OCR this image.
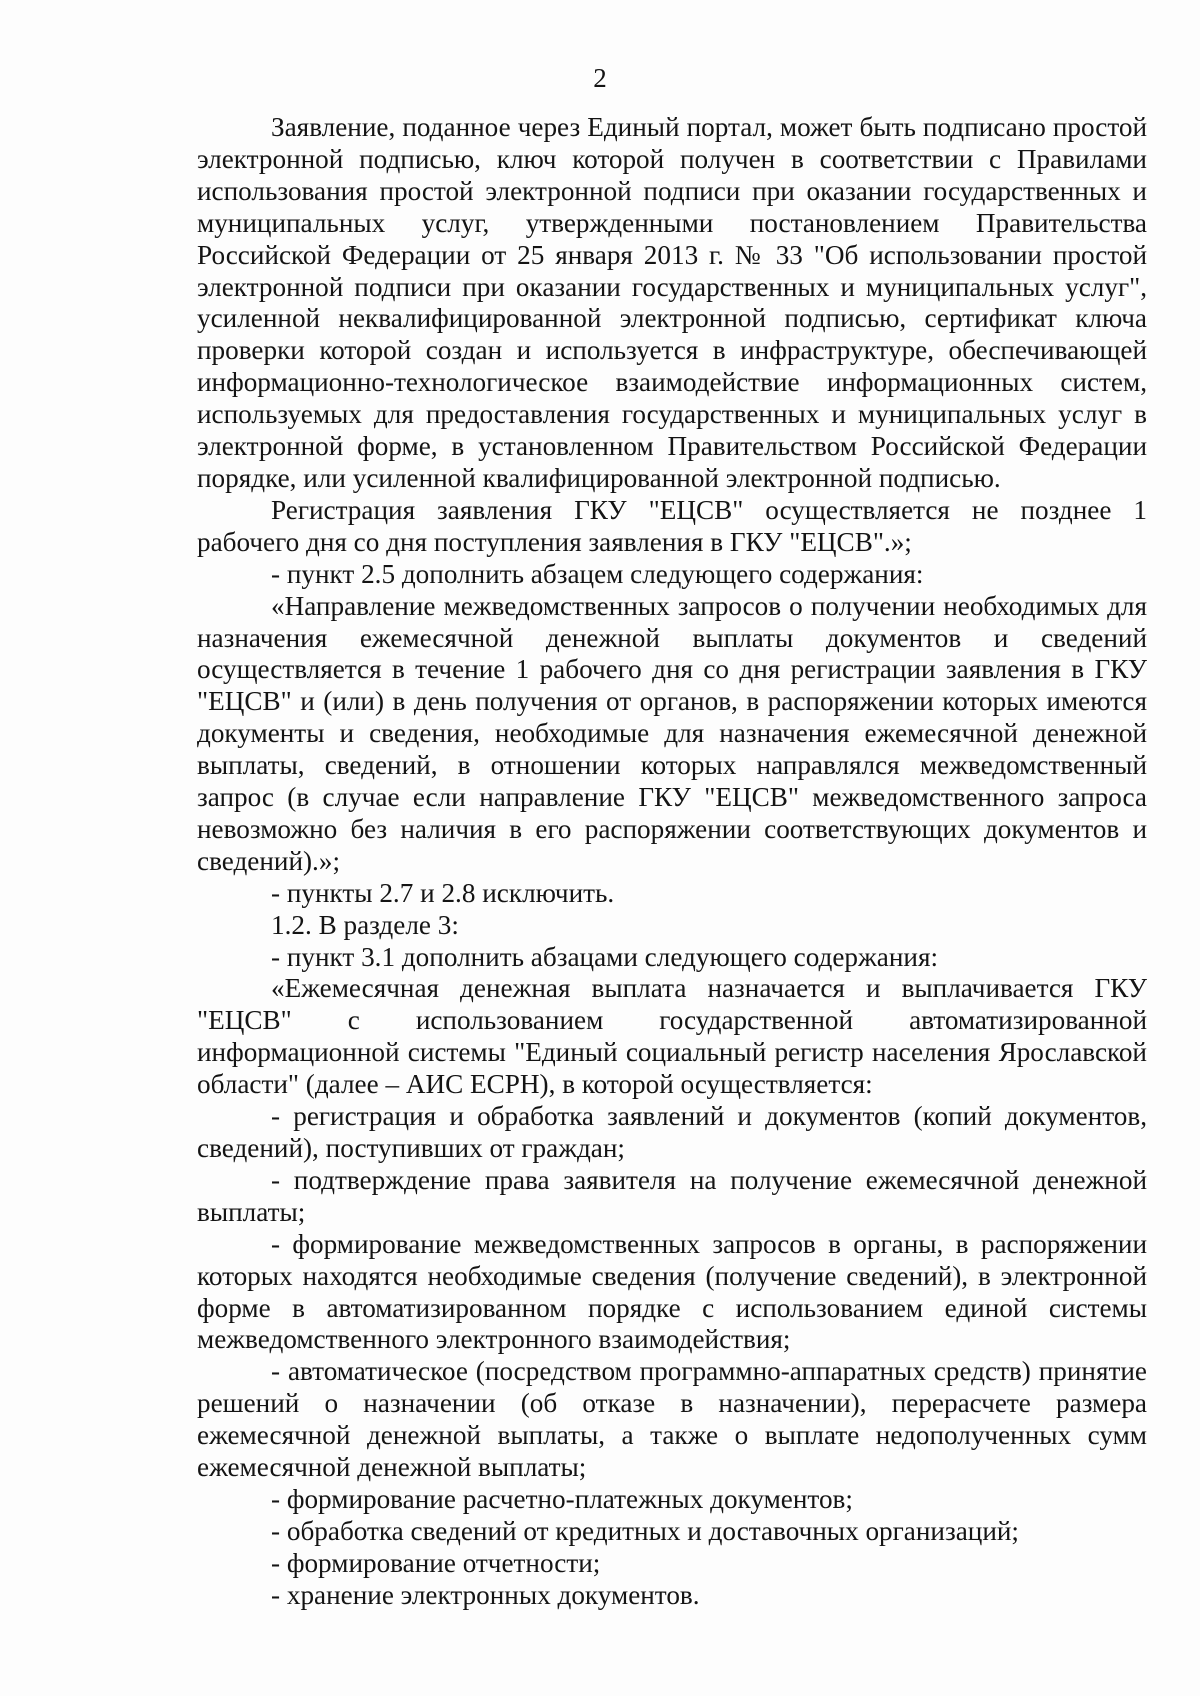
2

Заявление, поданное через Единый портал, может быть подписано простой электронной подписью, ключ которой получен в соответствии с Правилами использования простой электронной подписи при оказании государственных и муниципальных услуг, утвержденными постановлением Правительства Российской Федерации от 25 января 2013 г. № 33 "Об использовании простой электронной подписи при оказании государственных и муниципальных услуг", усиленной неквалифицированной электронной подписью, сертификат ключа проверки которой создан и используется в инфраструктуре, обеспечивающей информационно-технологическое взаимодействие информационных систем, используемых для предоставления государственных и муниципальных услуг в электронной форме, в установленном Правительством Российской Федерации порядке, или усиленной квалифицированной электронной подписью.

Регистрация заявления ГКУ "ЕЦСВ" осуществляется не позднее 1 рабочего дня со дня поступления заявления в ГКУ "ЕЦСВ".»;

- пункт 2.5 дополнить абзацем следующего содержания:

«Направление межведомственных запросов о получении необходимых для назначения ежемесячной денежной выплаты документов и сведений осуществляется в течение 1 рабочего дня со дня регистрации заявления в ГКУ "ЕЦСВ" и (или) в день получения от органов, в распоряжении которых имеются документы и сведения, необходимые для назначения ежемесячной денежной выплаты, сведений, в отношении которых направлялся межведомственный запрос (в случае если направление ГКУ "ЕЦСВ" межведомственного запроса невозможно без наличия в его распоряжении соответствующих документов и сведений).»;

- пункты 2.7 и 2.8 исключить.

1.2. В разделе 3:

- пункт 3.1 дополнить абзацами следующего содержания:

«Ежемесячная денежная выплата назначается и выплачивается ГКУ "ЕЦСВ" с использованием государственной автоматизированной информационной системы "Единый социальный регистр населения Ярославской области" (далее – АИС ЕСРН), в которой осуществляется:

- регистрация и обработка заявлений и документов (копий документов, сведений), поступивших от граждан;

- подтверждение права заявителя на получение ежемесячной денежной выплаты;

- формирование межведомственных запросов в органы, в распоряжении которых находятся необходимые сведения (получение сведений), в электронной форме в автоматизированном порядке с использованием единой системы межведомственного электронного взаимодействия;

- автоматическое (посредством программно-аппаратных средств) принятие решений о назначении (об отказе в назначении), перерасчете размера ежемесячной денежной выплаты, а также о выплате недополученных сумм ежемесячной денежной выплаты;

- формирование расчетно-платежных документов;

- обработка сведений от кредитных и доставочных организаций;

- формирование отчетности;

- хранение электронных документов.
